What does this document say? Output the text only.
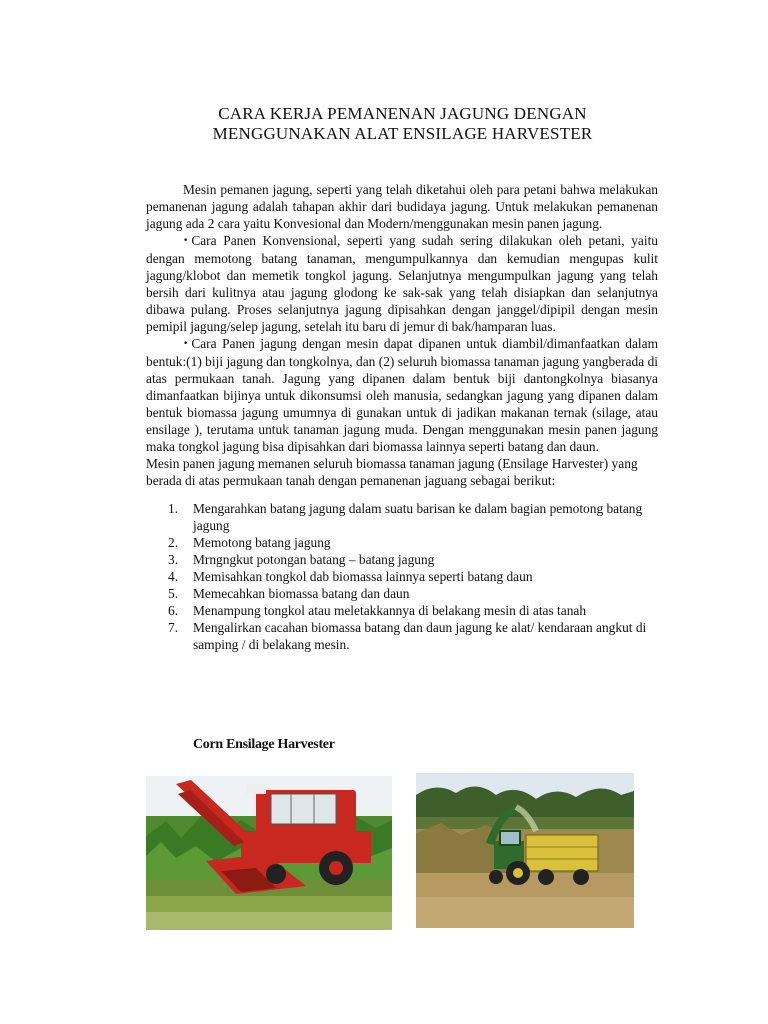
CARA KERJA PEMANENAN JAGUNG DENGAN
MENGGUNAKAN ALAT ENSILAGE HARVESTER

Mesin pemanen jagung, seperti yang telah diketahui oleh para petani bahwa melakukan pemanenan jagung adalah tahapan akhir dari budidaya jagung. Untuk melakukan pemanenan jagung ada 2 cara yaitu Konvesional dan Modern/menggunakan mesin panen jagung.

• Cara Panen Konvensional, seperti yang sudah sering dilakukan oleh petani, yaitu dengan memotong batang tanaman, mengumpulkannya dan kemudian mengupas kulit jagung/klobot dan memetik tongkol jagung. Selanjutnya mengumpulkan jagung yang telah bersih dari kulitnya atau jagung glodong ke sak-sak yang telah disiapkan dan selanjutnya dibawa pulang. Proses selanjutnya jagung dipisahkan dengan janggel/dipipil dengan mesin pemipil jagung/selep jagung, setelah itu baru di jemur di bak/hamparan luas.

• Cara Panen jagung dengan mesin dapat dipanen untuk diambil/dimanfaatkan dalam bentuk:(1) biji jagung dan tongkolnya, dan (2) seluruh biomassa tanaman jagung yangberada di atas permukaan tanah. Jagung yang dipanen dalam bentuk biji dantongkolnya biasanya dimanfaatkan bijinya untuk dikonsumsi oleh manusia, sedangkan jagung yang dipanen dalam bentuk biomassa jagung umumnya di gunakan untuk di jadikan makanan ternak (silage, atau ensilage ), terutama untuk tanaman jagung muda. Dengan menggunakan mesin panen jagung maka tongkol jagung bisa dipisahkan dari biomassa lainnya seperti batang dan daun.

Mesin panen jagung memanen seluruh biomassa tanaman jagung (Ensilage Harvester) yang berada di atas permukaan tanah dengan pemanenan jaguang sebagai berikut:

1. Mengarahkan batang jagung dalam suatu barisan ke dalam bagian pemotong batang jagung
2. Memotong batang jagung
3. Mrngngkut potongan batang – batang jagung
4. Memisahkan tongkol dab biomassa lainnya seperti batang daun
5. Memecahkan biomassa batang dan daun
6. Menampung tongkol atau meletakkannya di belakang mesin di atas tanah
7. Mengalirkan cacahan biomassa batang dan daun jagung ke alat/ kendaraan angkut di samping / di belakang mesin.
Corn Ensilage Harvester
